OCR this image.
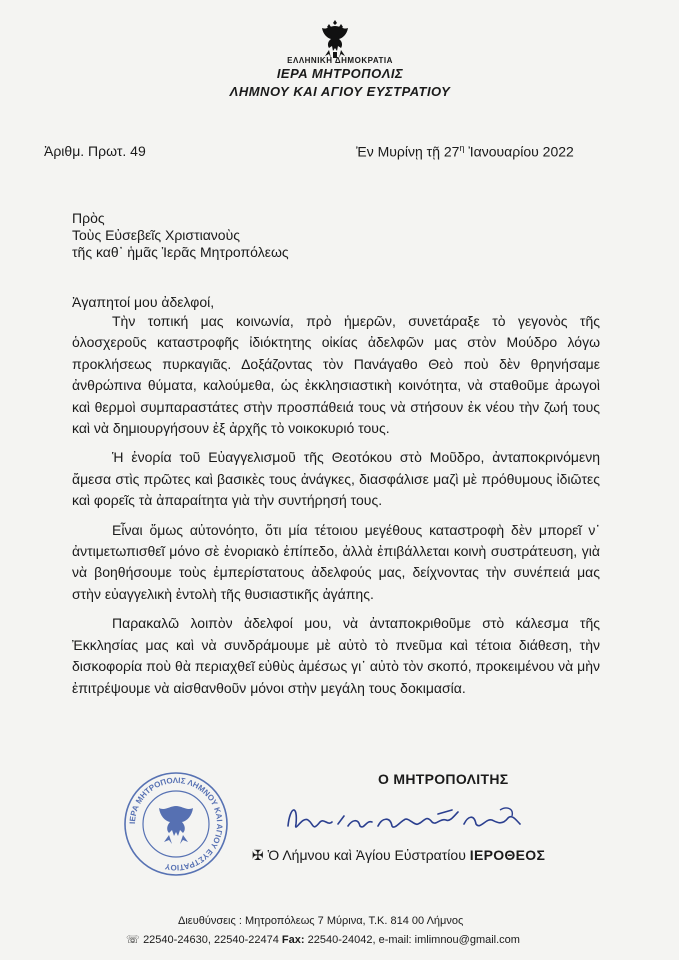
ΕΛΛΗΝΙΚΗ ΔΗΜΟΚΡΑΤΙΑ
ΙΕΡΑ ΜΗΤΡΟΠΟΛΙΣ
ΛΗΜΝΟΥ ΚΑΙ ΑΓΙΟΥ ΕΥΣΤΡΑΤΙΟΥ
Ἀριθμ. Πρωτ. 49	Ἐν Μυρίνῃ τῇ $27^\eta$ Ἰανουαρίου 2022
Πρὸς
Τοὺς Εὐσεβεῖς Χριστιανοὺς
τῆς καθ᾽ ἡμᾶς Ἱερᾶς Μητροπόλεως
Ἀγαπητοί μου ἀδελφοί,

Τὴν τοπική μας κοινωνία, πρὸ ἡμερῶν, συνετάραξε τὸ γεγονὸς τῆς ὁλοσχεροῦς καταστροφῆς ἰδιόκτητης οἰκίας ἀδελφῶν μας στὸν Μούδρο λόγω προκλήσεως πυρκαγιᾶς. Δοξάζοντας τὸν Πανάγαθο Θεὸ ποὺ δὲν θρηνήσαμε ἀνθρώπινα θύματα, καλούμεθα, ὡς ἐκκλησιαστικὴ κοινότητα, νὰ σταθοῦμε ἀρωγοὶ καὶ θερμοὶ συμπαραστάτες στὴν προσπάθειά τους νὰ στήσουν ἐκ νέου τὴν ζωή τους καὶ νὰ δημιουργήσουν ἐξ ἀρχῆς τὸ νοικοκυριό τους.

Ἡ ἐνορία τοῦ Εὐαγγελισμοῦ τῆς Θεοτόκου στὸ Μοῦδρο, ἀνταποκρινόμενη ἄμεσα στὶς πρῶτες καὶ βασικὲς τους ἀνάγκες, διασφάλισε μαζὶ μὲ πρόθυμους ἰδιῶτες καὶ φορεῖς τὰ ἀπαραίτητα γιὰ τὴν συντήρησή τους.

Εἶναι ὅμως αὐτονόητο, ὅτι μία τέτοιου μεγέθους καταστροφὴ δὲν μπορεῖ ν᾽ ἀντιμετωπισθεῖ μόνο σὲ ἐνοριακὸ ἐπίπεδο, ἀλλὰ ἐπιβάλλεται κοινὴ συστράτευση, γιὰ νὰ βοηθήσουμε τοὺς ἐμπερίστατους ἀδελφούς μας, δείχνοντας τὴν συνέπειά μας στὴν εὐαγγελικὴ ἐντολὴ τῆς θυσιαστικῆς ἀγάπης.

Παρακαλῶ λοιπὸν ἀδελφοί μου, νὰ ἀνταποκριθοῦμε στὸ κάλεσμα τῆς Ἐκκλησίας μας καὶ νὰ συνδράμουμε μὲ αὐτὸ τὸ πνεῦμα καὶ τέτοια διάθεση, τὴν δισκοφορία ποὺ θὰ περιαχθεῖ εὐθὺς ἀμέσως γι᾽ αὐτὸ τὸν σκοπό, προκειμένου νὰ μὴν ἐπιτρέψουμε νὰ αἰσθανθοῦν μόνοι στὴν μεγάλη τους δοκιμασία.

Ο ΜΗΤΡΟΠΟΛΙΤΗΣ
ΙΕΡΑ ΜΗΤΡΟΠΟΛΙΣ ΛΗΜΝΟΥ ΚΑΙ ΑΓΙΟΥ ΕΥΣΤΡΑΤΙΟΥ
✠ Ὁ Λήμνου καὶ Ἁγίου Εὐστρατίου ΙΕΡΟΘΕΟΣ
Διευθύνσεις : Μητροπόλεως 7 Μύρινα, Τ.Κ. 814 00 Λήμνος
☏ 22540-24630, 22540-22474 Fax: 22540-24042, e-mail: imlimnou@gmail.com
